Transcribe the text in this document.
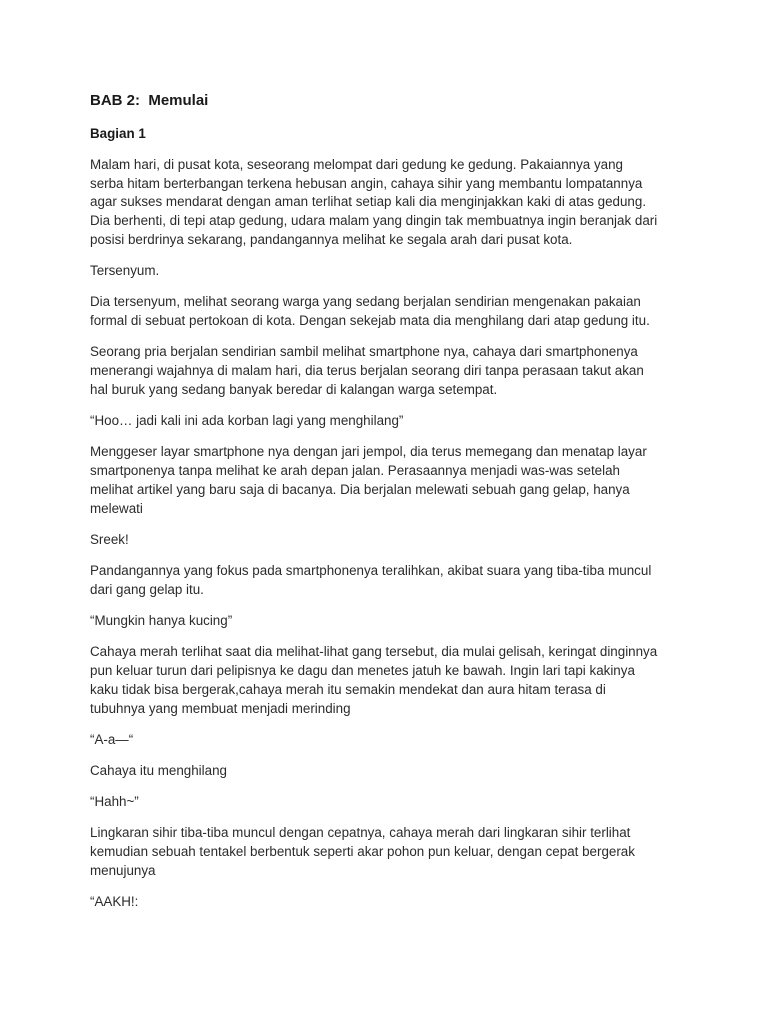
BAB 2:  Memulai
Bagian 1
Malam hari, di pusat kota, seseorang melompat dari gedung ke gedung. Pakaiannya yang
serba hitam berterbangan terkena hebusan angin, cahaya sihir yang membantu lompatannya
agar sukses mendarat dengan aman terlihat setiap kali dia menginjakkan kaki di atas gedung.
Dia berhenti, di tepi atap gedung, udara malam yang dingin tak membuatnya ingin beranjak dari
posisi berdrinya sekarang, pandangannya melihat ke segala arah dari pusat kota.
Tersenyum.
Dia tersenyum, melihat seorang warga yang sedang berjalan sendirian mengenakan pakaian
formal di sebuat pertokoan di kota. Dengan sekejab mata dia menghilang dari atap gedung itu.
Seorang pria berjalan sendirian sambil melihat smartphone nya, cahaya dari smartphonenya
menerangi wajahnya di malam hari, dia terus berjalan seorang diri tanpa perasaan takut akan
hal buruk yang sedang banyak beredar di kalangan warga setempat.
“Hoo… jadi kali ini ada korban lagi yang menghilang”
Menggeser layar smartphone nya dengan jari jempol, dia terus memegang dan menatap layar
smartponenya tanpa melihat ke arah depan jalan. Perasaannya menjadi was-was setelah
melihat artikel yang baru saja di bacanya. Dia berjalan melewati sebuah gang gelap, hanya
melewati
Sreek!
Pandangannya yang fokus pada smartphonenya teralihkan, akibat suara yang tiba-tiba muncul
dari gang gelap itu.
“Mungkin hanya kucing”
Cahaya merah terlihat saat dia melihat-lihat gang tersebut, dia mulai gelisah, keringat dinginnya
pun keluar turun dari pelipisnya ke dagu dan menetes jatuh ke bawah. Ingin lari tapi kakinya
kaku tidak bisa bergerak,cahaya merah itu semakin mendekat dan aura hitam terasa di
tubuhnya yang membuat menjadi merinding
“A-a—“
Cahaya itu menghilang
“Hahh~”
Lingkaran sihir tiba-tiba muncul dengan cepatnya, cahaya merah dari lingkaran sihir terlihat
kemudian sebuah tentakel berbentuk seperti akar pohon pun keluar, dengan cepat bergerak
menujunya
“AAKH!:
